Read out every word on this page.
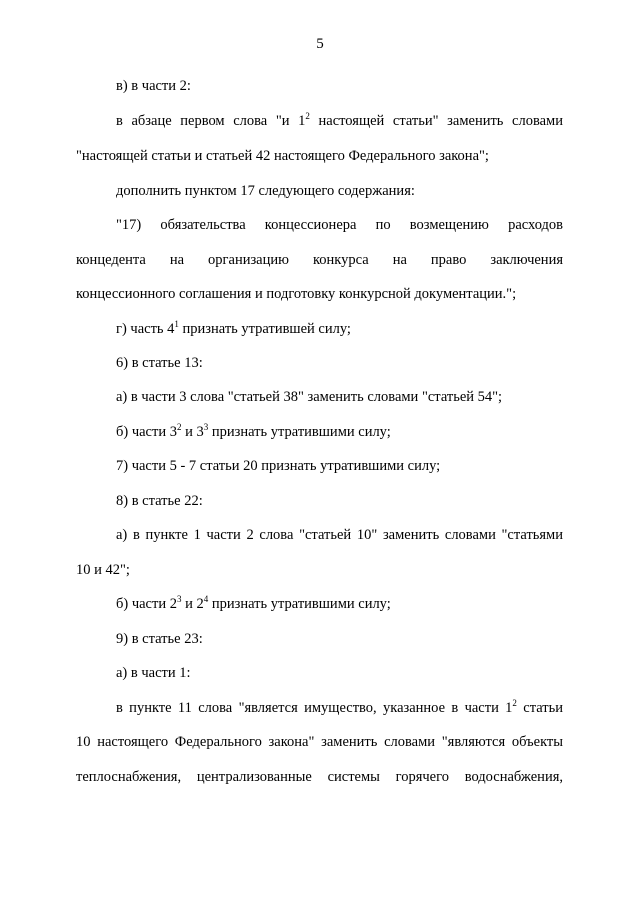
5
в) в части 2:
в абзаце первом слова "и $1^2$ настоящей статьи" заменить словами
"настоящей статьи и статьей 42 настоящего Федерального закона";
дополнить пунктом 17 следующего содержания:
"17) обязательства концессионера по возмещению расходов
концедента на организацию конкурса на право заключения
концессионного соглашения и подготовку конкурсной документации.";
г) часть $4^1$ признать утратившей силу;
6) в статье 13:
а) в части 3 слова "статьей 38" заменить словами "статьей 54";
б) части $3^2$ и $3^3$ признать утратившими силу;
7) части 5 - 7 статьи 20 признать утратившими силу;
8) в статье 22:
а) в пункте 1 части 2 слова "статьей 10" заменить словами "статьями
10 и 42";
б) части $2^3$ и $2^4$ признать утратившими силу;
9) в статье 23:
а) в части 1:
в пункте 11 слова "является имущество, указанное в части $1^2$ статьи
10 настоящего Федерального закона" заменить словами "являются объекты
теплоснабжения, централизованные системы горячего водоснабжения,
